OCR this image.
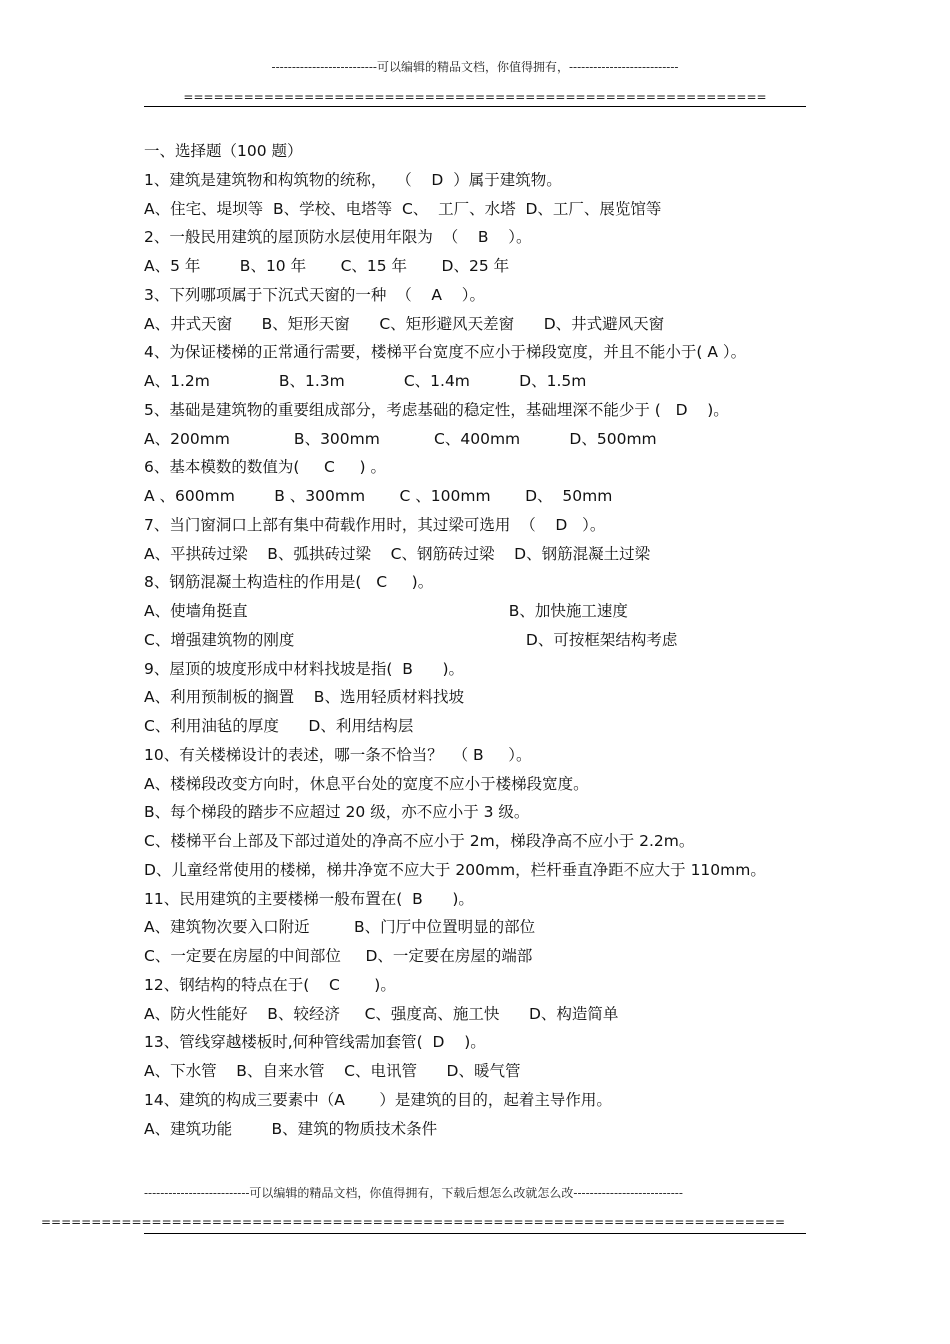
--------------------------可以编辑的精品文档，你值得拥有，---------------------------
==========================================================
一、选择题（100 题）
1、建筑是建筑物和构筑物的统称，  （    D  ）属于建筑物。
A、住宅、堤坝等  B、学校、电塔等  C、  工厂、水塔  D、工厂、展览馆等
2、一般民用建筑的屋顶防水层使用年限为  （    B    ）。
A、5 年        B、10 年       C、15 年       D、25 年
3、下列哪项属于下沉式天窗的一种  （    A    ）。
A、井式天窗      B、矩形天窗      C、矩形避风天差窗      D、井式避风天窗
4、为保证楼梯的正常通行需要，楼梯平台宽度不应小于梯段宽度，并且不能小于( A ）。
A、1.2m              B、1.3m            C、1.4m          D、1.5m
5、基础是建筑物的重要组成部分，考虑基础的稳定性，基础埋深不能少于 (   D    )。
A、200mm             B、300mm           C、400mm          D、500mm
6、基本模数的数值为(     C     ) 。
A 、600mm        B 、300mm       C 、100mm       D、  50mm
7、当门窗洞口上部有集中荷载作用时，其过梁可选用  （    D   ）。
A、平拱砖过梁    B、弧拱砖过梁    C、钢筋砖过梁    D、钢筋混凝土过梁
8、钢筋混凝土构造柱的作用是(   C     )。
A、使墙角挺直                                                     B、加快施工速度
C、增强建筑物的刚度                                               D、可按框架结构考虑
9、屋顶的坡度形成中材料找坡是指(  B      )。
A、利用预制板的搁置    B、选用轻质材料找坡
C、利用油毡的厚度      D、利用结构层
10、有关楼梯设计的表述，哪一条不恰当？  （ B     ）。
A、楼梯段改变方向时，休息平台处的宽度不应小于楼梯段宽度。
B、每个梯段的踏步不应超过 20 级，亦不应小于 3 级。
C、楼梯平台上部及下部过道处的净高不应小于 2m，梯段净高不应小于 2.2m。
D、儿童经常使用的楼梯，梯井净宽不应大于 200mm，栏杆垂直净距不应大于 110mm。
11、民用建筑的主要楼梯一般布置在(  B      )。
A、建筑物次要入口附近         B、门厅中位置明显的部位
C、一定要在房屋的中间部位     D、一定要在房屋的端部
12、钢结构的特点在于(    C       )。
A、防火性能好    B、较经济     C、强度高、施工快      D、构造简单
13、管线穿越楼板时,何种管线需加套管(  D    )。
A、下水管    B、自来水管    C、电讯管      D、暖气管
14、建筑的构成三要素中（A       ）是建筑的目的，起着主导作用。
A、建筑功能        B、建筑的物质技术条件
--------------------------可以编辑的精品文档，你值得拥有，下载后想怎么改就怎么改---------------------------
==========================================================================
